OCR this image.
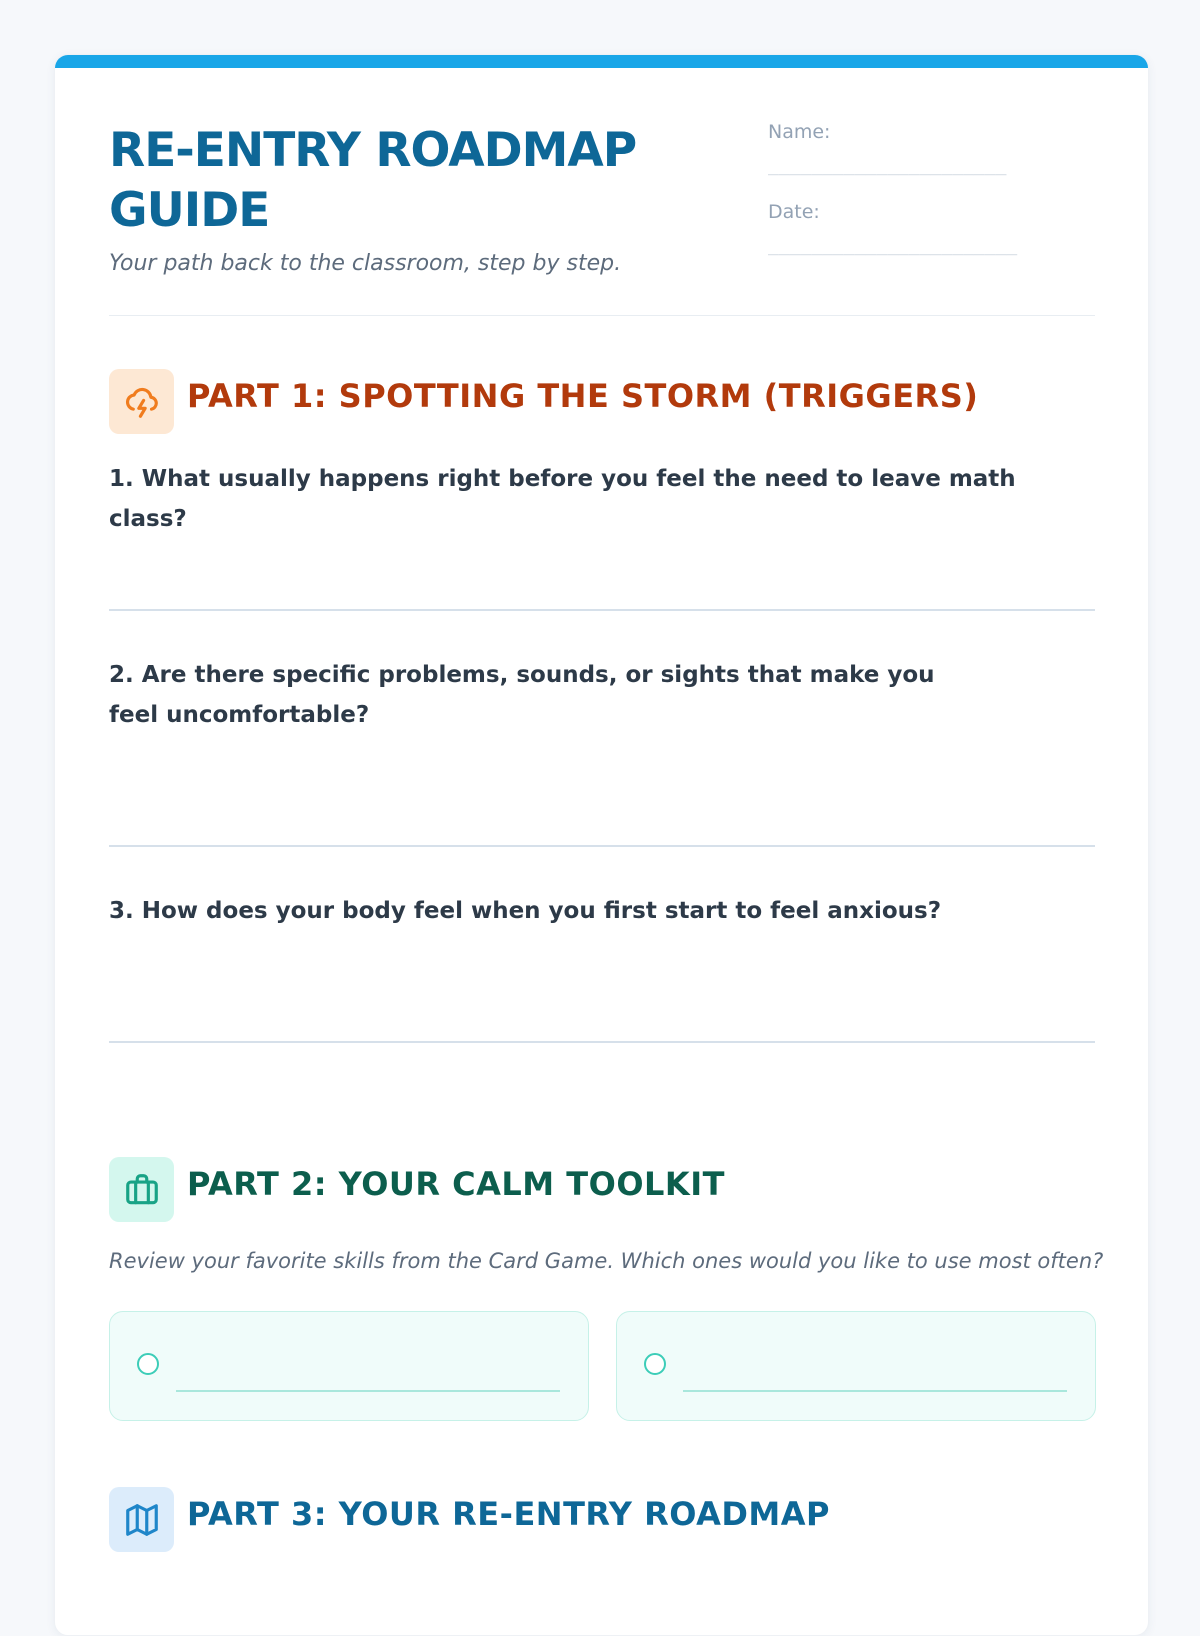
RE-ENTRY ROADMAP GUIDE

Your path back to the classroom, step by step.

Name:
______________________
Date:
_______________________
PART 1: SPOTTING THE STORM (TRIGGERS)

1. What usually happens right before you feel the need to leave math class?

2. Are there specific problems, sounds, or sights that make you feel uncomfortable?

3. How does your body feel when you first start to feel anxious?

PART 2: YOUR CALM TOOLKIT

Review your favorite skills from the Card Game. Which ones would you like to use most often?

PART 3: YOUR RE-ENTRY ROADMAP
